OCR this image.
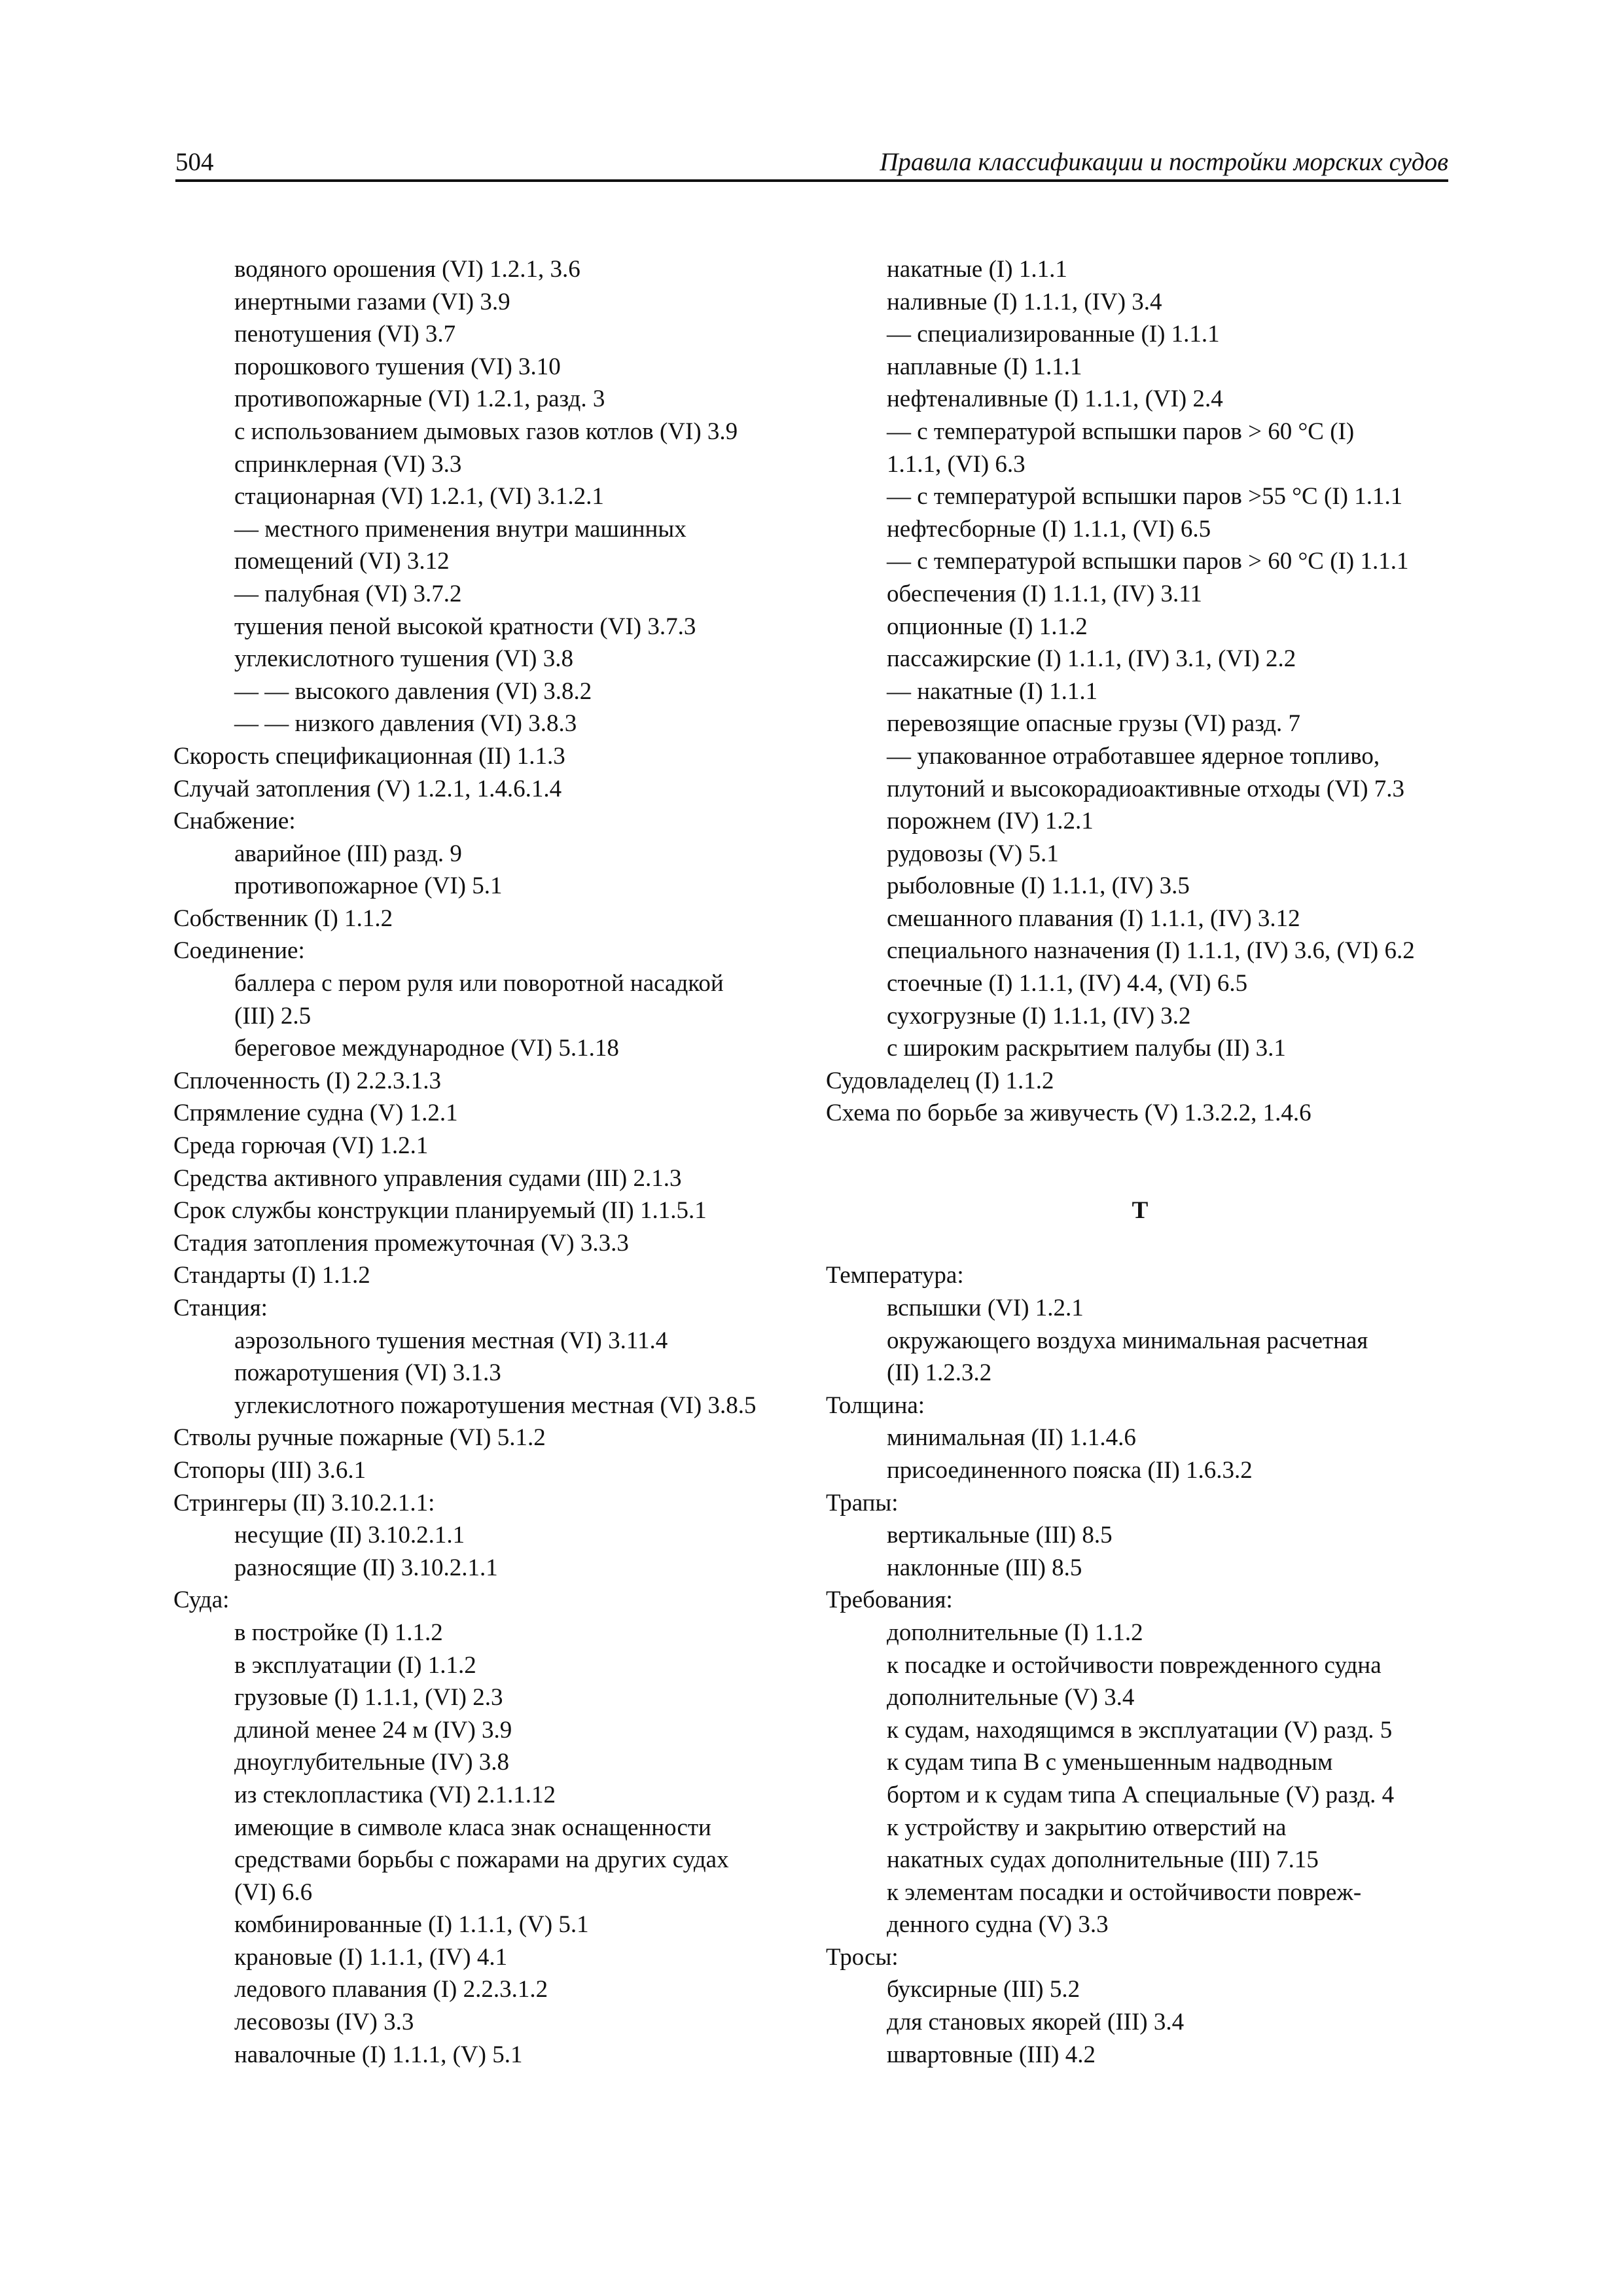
504	Правила классификации и постройки морских судов
водяного орошения (VI) 1.2.1, 3.6
инертными газами (VI) 3.9
пенотушения (VI) 3.7
порошкового тушения (VI) 3.10
противопожарные (VI) 1.2.1, разд. 3
с использованием дымовых газов котлов (VI) 3.9
спринклерная (VI) 3.3
стационарная (VI) 1.2.1, (VI) 3.1.2.1
— местного применения внутри машинных
помещений (VI) 3.12
— палубная (VI) 3.7.2
тушения пеной высокой кратности (VI) 3.7.3
углекислотного тушения (VI) 3.8
— — высокого давления (VI) 3.8.2
— — низкого давления (VI) 3.8.3
Скорость спецификационная (II) 1.1.3
Случай затопления (V) 1.2.1, 1.4.6.1.4
Снабжение:
аварийное (III) разд. 9
противопожарное (VI) 5.1
Собственник (I) 1.1.2
Соединение:
баллера с пером руля или поворотной насадкой
(III) 2.5
береговое международное (VI) 5.1.18
Сплоченность (I) 2.2.3.1.3
Спрямление судна (V) 1.2.1
Среда горючая (VI) 1.2.1
Средства активного управления судами (III) 2.1.3
Срок службы конструкции планируемый (II) 1.1.5.1
Стадия затопления промежуточная (V) 3.3.3
Стандарты (I) 1.1.2
Станция:
аэрозольного тушения местная (VI) 3.11.4
пожаротушения (VI) 3.1.3
углекислотного пожаротушения местная (VI) 3.8.5
Стволы ручные пожарные (VI) 5.1.2
Стопоры (III) 3.6.1
Стрингеры (II) 3.10.2.1.1:
несущие (II) 3.10.2.1.1
разносящие (II) 3.10.2.1.1
Суда:
в постройке (I) 1.1.2
в эксплуатации (I) 1.1.2
грузовые (I) 1.1.1, (VI) 2.3
длиной менее 24 м (IV) 3.9
дноуглубительные (IV) 3.8
из стеклопластика (VI) 2.1.1.12
имеющие в символе класа знак оснащенности
средствами борьбы с пожарами на других судах
(VI) 6.6
комбинированные (I) 1.1.1, (V) 5.1
крановые (I) 1.1.1, (IV) 4.1
ледового плавания (I) 2.2.3.1.2
лесовозы (IV) 3.3
навалочные (I) 1.1.1, (V) 5.1
накатные (I) 1.1.1
наливные (I) 1.1.1, (IV) 3.4
— специализированные (I) 1.1.1
наплавные (I) 1.1.1
нефтеналивные (I) 1.1.1, (VI) 2.4
— с температурой вспышки паров > 60 °С (I)
1.1.1, (VI) 6.3
— с температурой вспышки паров >55 °С (I) 1.1.1
нефтесборные (I) 1.1.1, (VI) 6.5
— с температурой вспышки паров > 60 °С (I) 1.1.1
обеспечения (I) 1.1.1, (IV) 3.11
опционные (I) 1.1.2
пассажирские (I) 1.1.1, (IV) 3.1, (VI) 2.2
— накатные (I) 1.1.1
перевозящие опасные грузы (VI) разд. 7
— упакованное отработавшее ядерное топливо,
плутоний и высокорадиоактивные отходы (VI) 7.3
порожнем (IV) 1.2.1
рудовозы (V) 5.1
рыболовные (I) 1.1.1, (IV) 3.5
смешанного плавания (I) 1.1.1, (IV) 3.12
специального назначения (I) 1.1.1, (IV) 3.6, (VI) 6.2
стоечные (I) 1.1.1, (IV) 4.4, (VI) 6.5
сухогрузные (I) 1.1.1, (IV) 3.2
с широким раскрытием палубы (II) 3.1
Судовладелец (I) 1.1.2
Схема по борьбе за живучесть (V) 1.3.2.2, 1.4.6
Т
Температура:
вспышки (VI) 1.2.1
окружающего воздуха минимальная расчетная
(II) 1.2.3.2
Толщина:
минимальная (II) 1.1.4.6
присоединенного пояска (II) 1.6.3.2
Трапы:
вертикальные (III) 8.5
наклонные (III) 8.5
Требования:
дополнительные (I) 1.1.2
к посадке и остойчивости поврежденного судна
дополнительные (V) 3.4
к судам, находящимся в эксплуатации (V) разд. 5
к судам типа В с уменьшенным надводным
бортом и к судам типа А специальные (V) разд. 4
к устройству и закрытию отверстий на
накатных судах дополнительные (III) 7.15
к элементам посадки и остойчивости повреж-
денного судна (V) 3.3
Тросы:
буксирные (III) 5.2
для становых якорей (III) 3.4
швартовные (III) 4.2
